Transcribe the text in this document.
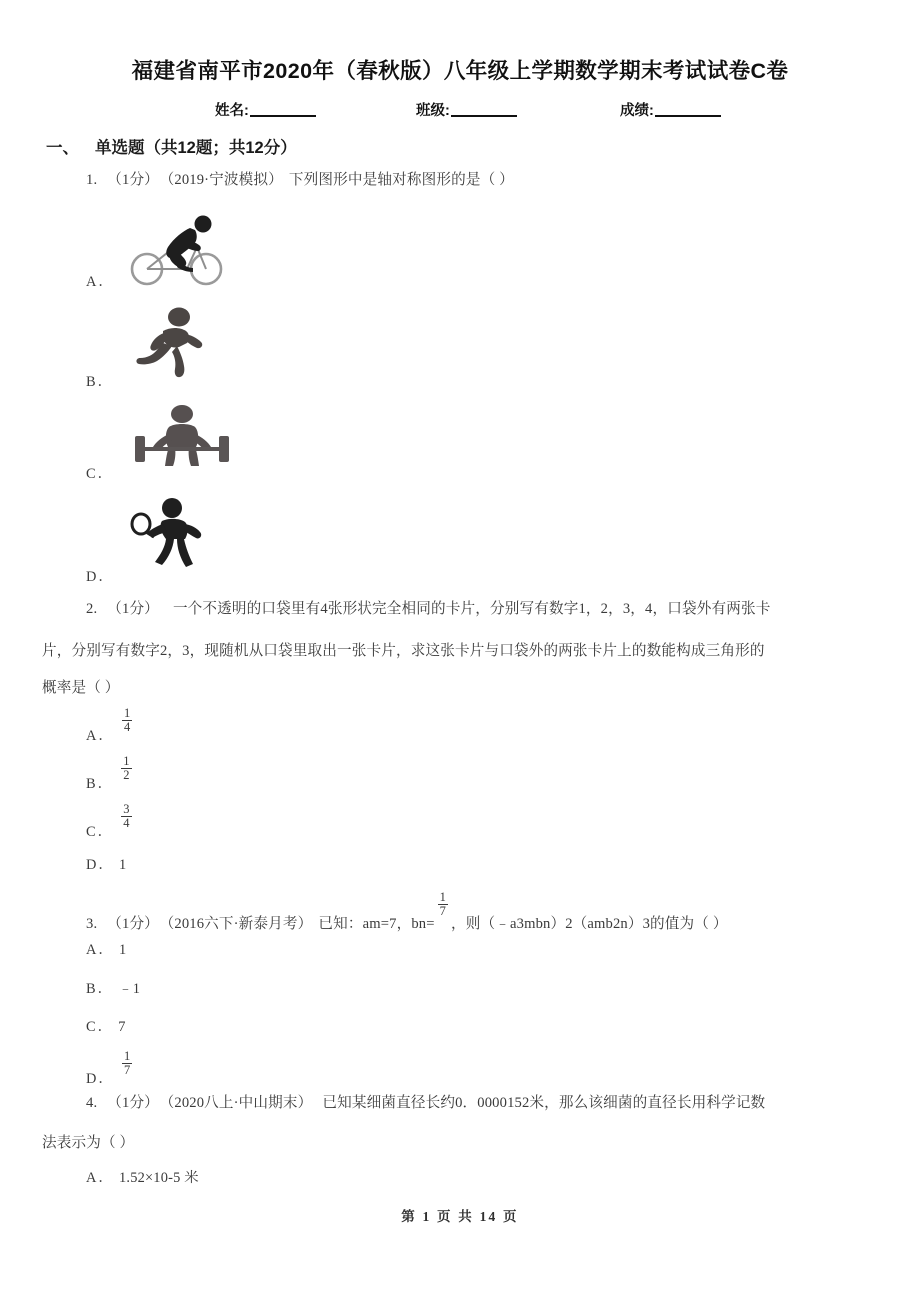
福建省南平市2020年（春秋版）八年级上学期数学期末考试试卷C卷
姓名:	班级:	成绩:
一、 单选题（共12题；共12分）
1. （1分） （2019·宁波模拟） 下列图形中是轴对称图形的是（ ）
A．
B．
C．
D．
2. （1分） 一个不透明的口袋里有4张形状完全相同的卡片，分别写有数字1，2，3，4，口袋外有两张卡
片，分别写有数字2，3，现随机从口袋里取出一张卡片，求这张卡片与口袋外的两张卡片上的数能构成三角形的
概率是（ ）
A．
$\frac{1}{4}$
B．
$\frac{1}{2}$
C．
$\frac{3}{4}$
D． 1
3. （1分） （2016六下·新泰月考） 已知：am=7，bn=
$\frac{1}{7}$
，则（﹣a3mbn）2（amb2n）3的值为（ ）
A． 1
B． ﹣1
C． 7
D．
$\frac{1}{7}$
4. （1分） （2020八上·中山期末） 已知某细菌直径长约0．0000152米，那么该细菌的直径长用科学记数
法表示为（ ）
A． 1.52×10-5 米
第 1 页 共 14 页
